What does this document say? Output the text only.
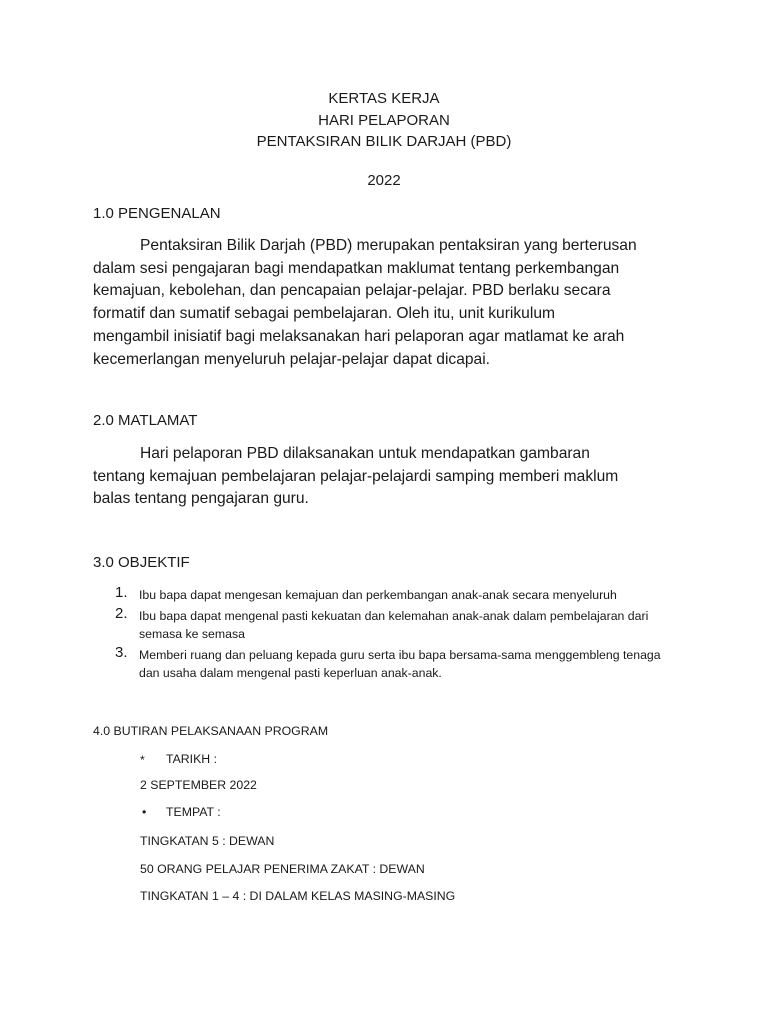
KERTAS KERJA
HARI PELAPORAN
PENTAKSIRAN BILIK DARJAH (PBD)
2022
1.0 PENGENALAN
Pentaksiran Bilik Darjah (PBD) merupakan pentaksiran yang berterusan
dalam sesi pengajaran bagi mendapatkan maklumat tentang perkembangan
kemajuan, kebolehan, dan pencapaian pelajar-pelajar. PBD berlaku secara
formatif dan sumatif sebagai pembelajaran. Oleh itu, unit kurikulum
mengambil inisiatif bagi melaksanakan hari pelaporan agar matlamat ke arah
kecemerlangan menyeluruh pelajar-pelajar dapat dicapai.
2.0 MATLAMAT
Hari pelaporan PBD dilaksanakan untuk mendapatkan gambaran
tentang kemajuan pembelajaran pelajar-pelajardi samping memberi maklum
balas tentang pengajaran guru.
3.0 OBJEKTIF
1. Ibu bapa dapat mengesan kemajuan dan perkembangan anak-anak secara menyeluruh
2. Ibu bapa dapat mengenal pasti kekuatan dan kelemahan anak-anak dalam pembelajaran dari semasa ke semasa
3. Memberi ruang dan peluang kepada guru serta ibu bapa bersama-sama menggembleng tenaga dan usaha dalam mengenal pasti keperluan anak-anak.
4.0 BUTIRAN PELAKSANAAN PROGRAM
* TARIKH :
2 SEPTEMBER 2022
• TEMPAT :
TINGKATAN 5 : DEWAN
50 ORANG PELAJAR PENERIMA ZAKAT : DEWAN
TINGKATAN 1 – 4 : DI DALAM KELAS MASING-MASING
